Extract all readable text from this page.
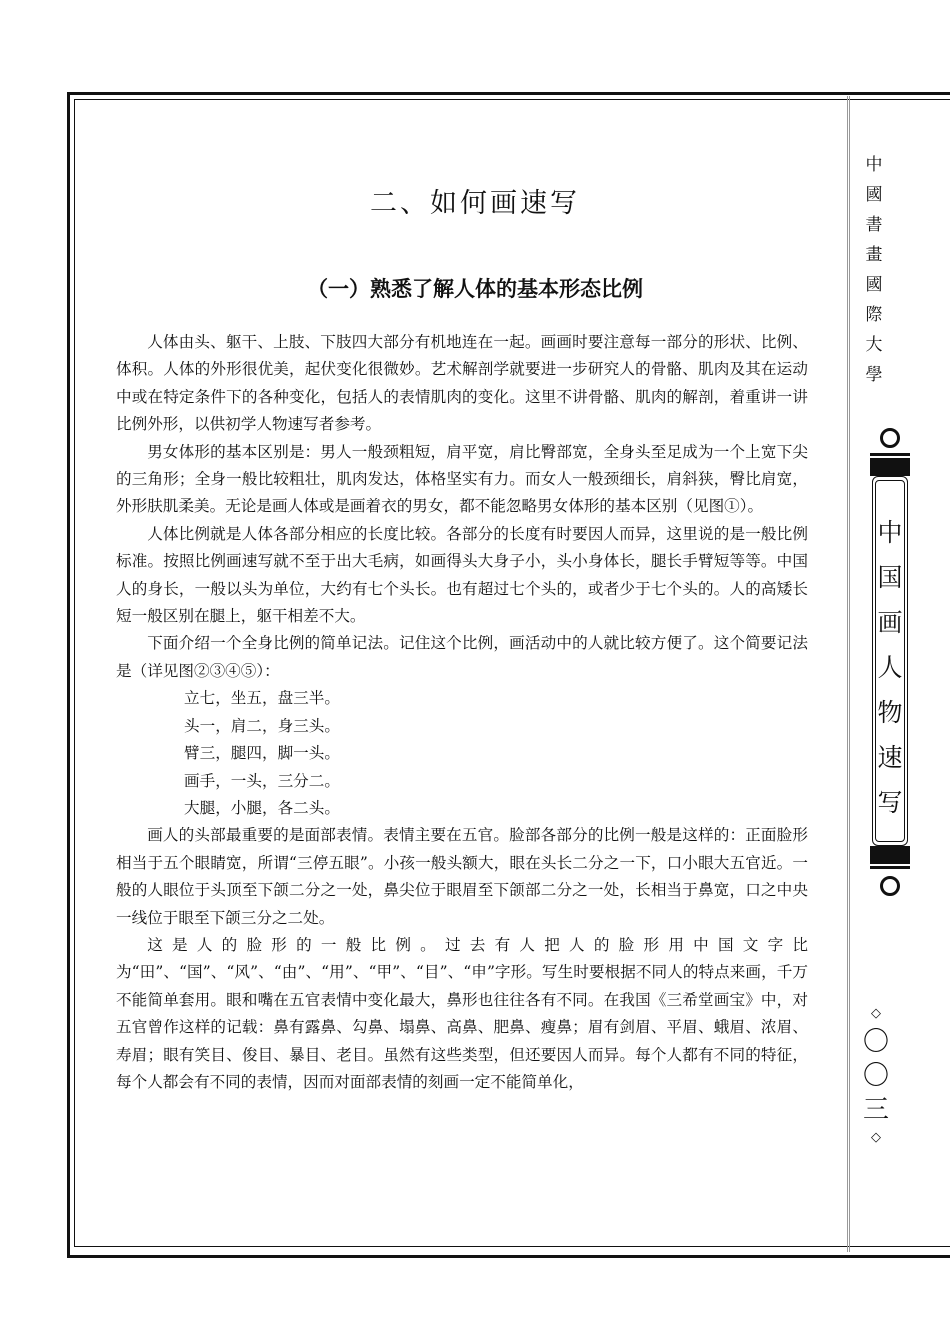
二、如何画速写
（一）熟悉了解人体的基本形态比例

人体由头、躯干、上肢、下肢四大部分有机地连在一起。画画时要注意每一部分的形状、比例、体积。人体的外形很优美，起伏变化很微妙。艺术解剖学就要进一步研究人的骨骼、肌肉及其在运动中或在特定条件下的各种变化，包括人的表情肌肉的变化。这里不讲骨骼、肌肉的解剖，着重讲一讲比例外形，以供初学人物速写者参考。

男女体形的基本区别是：男人一般颈粗短，肩平宽，肩比臀部宽，全身头至足成为一个上宽下尖的三角形；全身一般比较粗壮，肌肉发达，体格坚实有力。而女人一般颈细长，肩斜狭，臀比肩宽，外形肤肌柔美。无论是画人体或是画着衣的男女，都不能忽略男女体形的基本区别（见图①）。

人体比例就是人体各部分相应的长度比较。各部分的长度有时要因人而异，这里说的是一般比例标准。按照比例画速写就不至于出大毛病，如画得头大身子小，头小身体长，腿长手臂短等等。中国人的身长，一般以头为单位，大约有七个头长。也有超过七个头的，或者少于七个头的。人的高矮长短一般区别在腿上，躯干相差不大。

下面介绍一个全身比例的简单记法。记住这个比例，画活动中的人就比较方便了。这个简要记法是（详见图②③④⑤）：

立七，坐五，盘三半。

头一，肩二，身三头。

臂三，腿四，脚一头。

画手，一头，三分二。

大腿，小腿，各二头。

画人的头部最重要的是面部表情。表情主要在五官。脸部各部分的比例一般是这样的：正面脸形相当于五个眼睛宽，所谓“三停五眼”。小孩一般头额大，眼在头长二分之一下，口小眼大五官近。一般的人眼位于头顶至下颌二分之一处，鼻尖位于眼眉至下颌部二分之一处，长相当于鼻宽，口之中央一线位于眼至下颌三分之二处。

这是人的脸形的一般比例。过去有人把人的脸形用中国文字比为“田”、“国”、“风”、“由”、“用”、“甲”、“目”、“申”字形。写生时要根据不同人的特点来画，千万不能简单套用。眼和嘴在五官表情中变化最大，鼻形也往往各有不同。在我国《三希堂画宝》中，对五官曾作这样的记载：鼻有露鼻、勾鼻、塌鼻、高鼻、肥鼻、瘦鼻；眉有剑眉、平眉、蛾眉、浓眉、寿眉；眼有笑目、俊目、暴目、老目。虽然有这些类型，但还要因人而异。每个人都有不同的特征，每个人都会有不同的表情，因而对面部表情的刻画一定不能简单化，

中
國
書
畫
國
際
大
學
中
国
画
人
物
速
写
◇
〇
〇
三
◇
